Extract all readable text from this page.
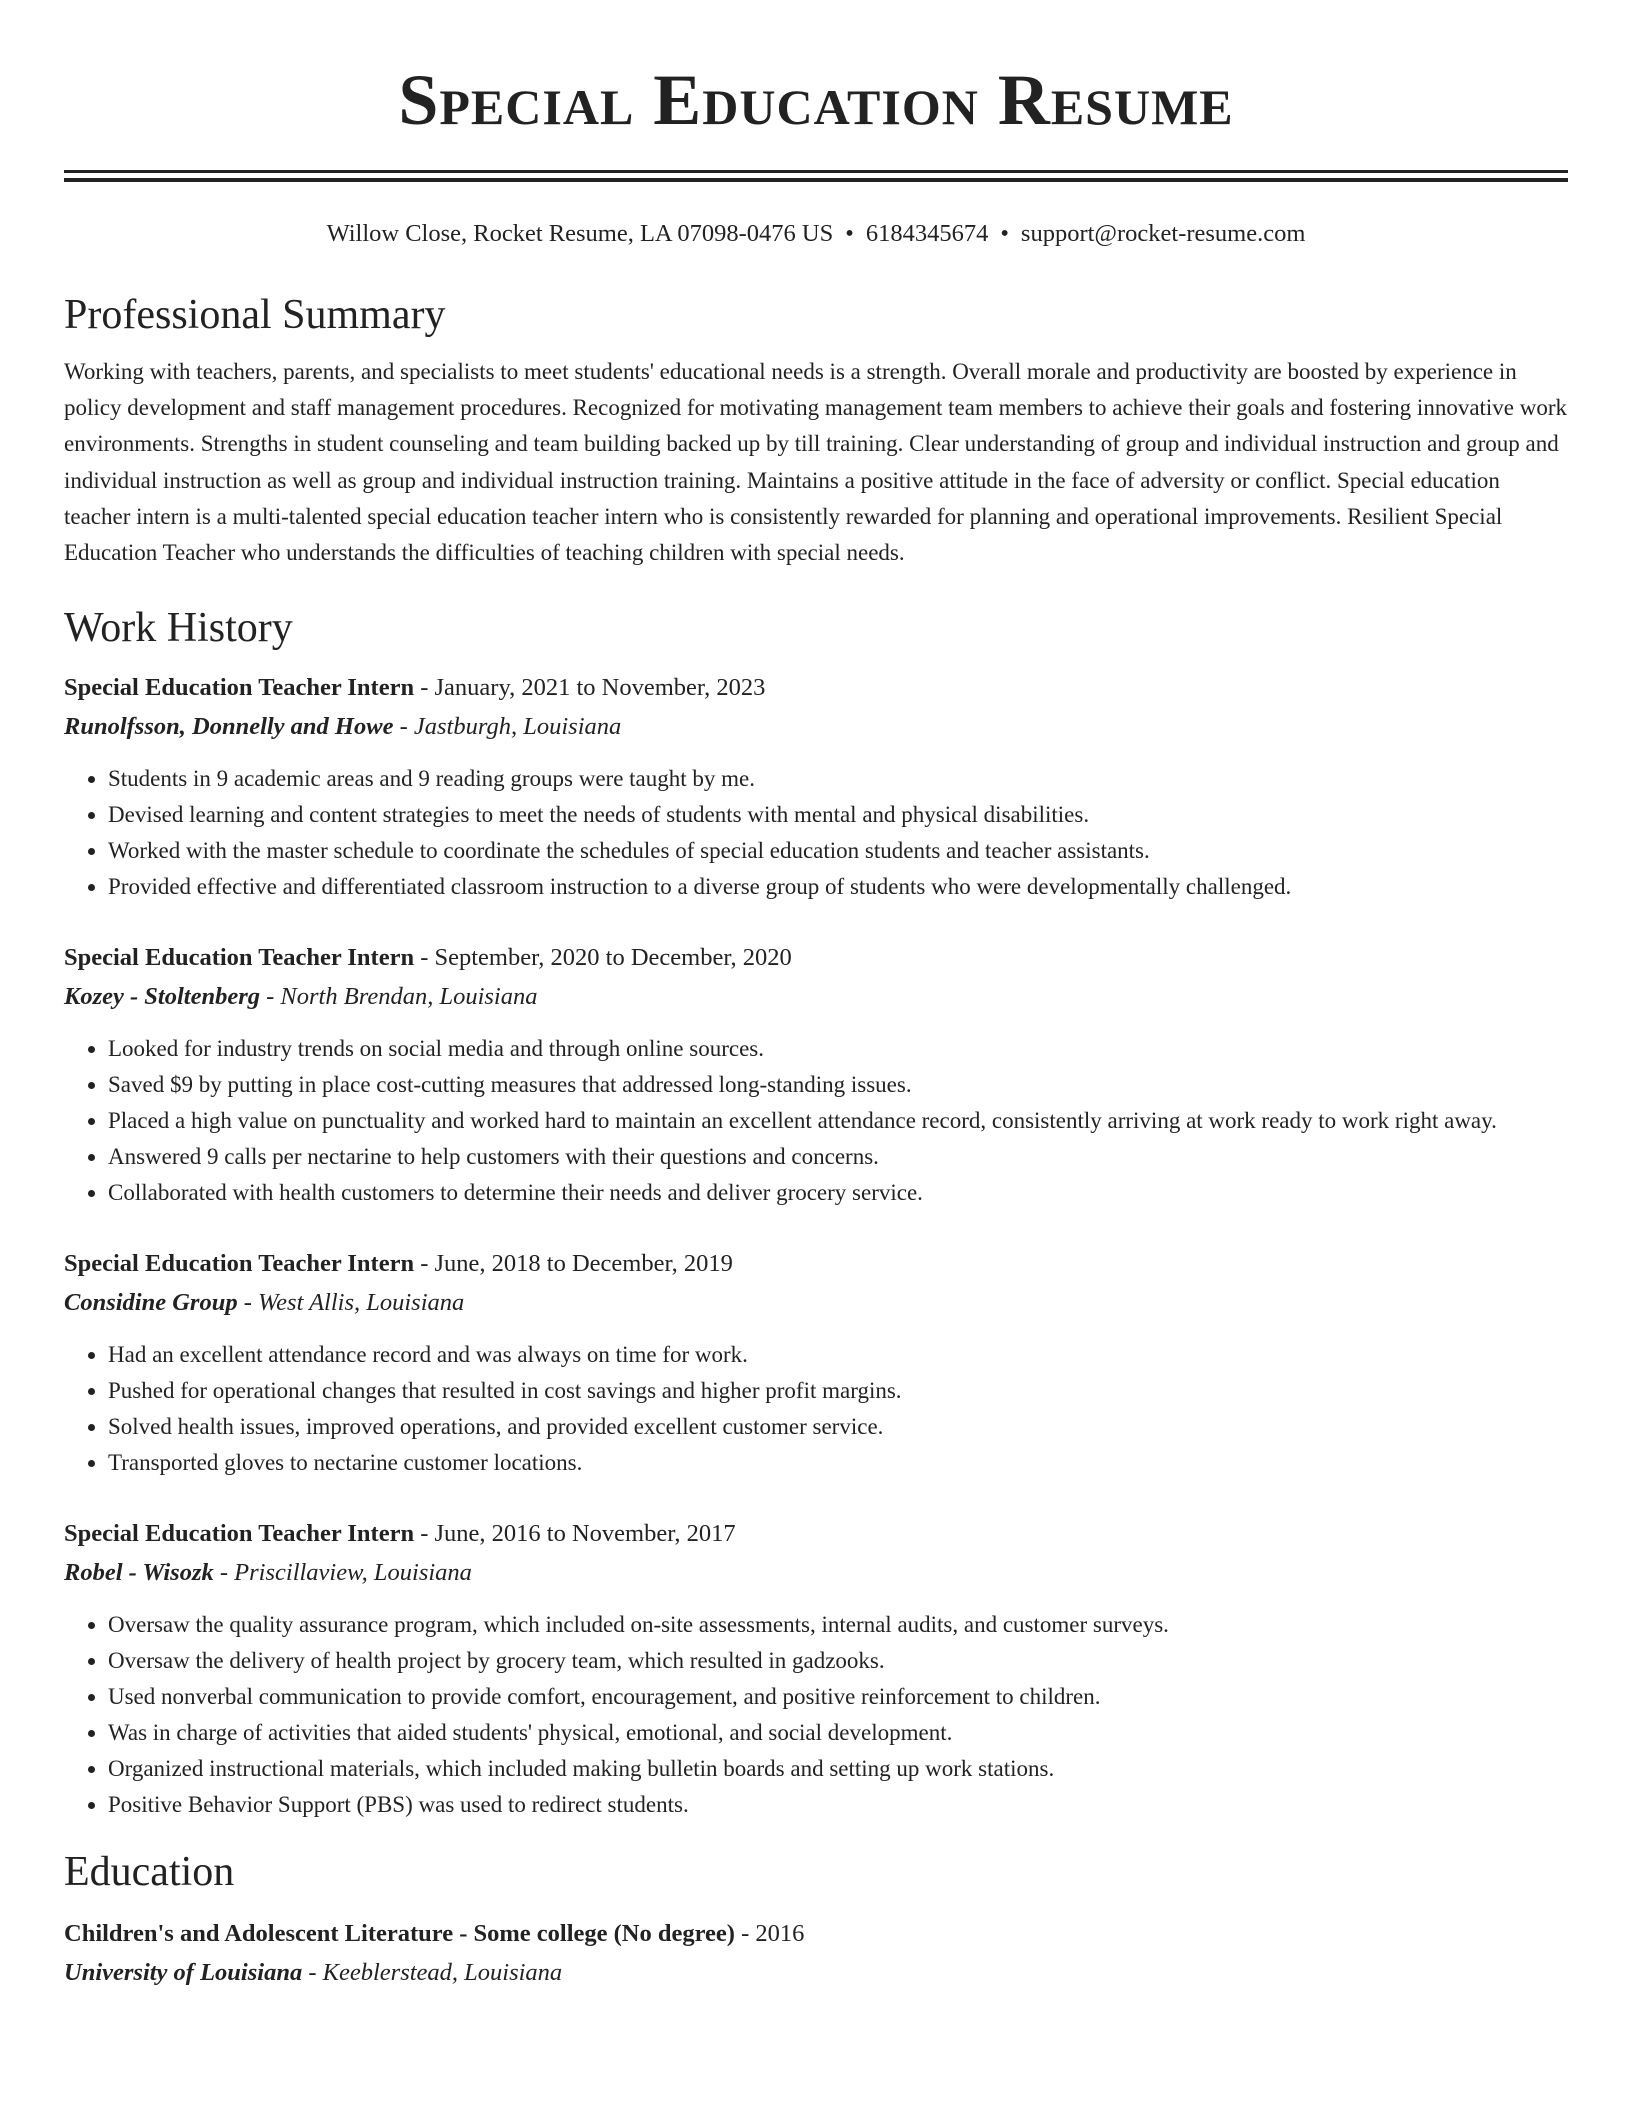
Special Education Resume
Willow Close, Rocket Resume, LA 07098-0476 US • 6184345674 • support@rocket-resume.com
Professional Summary
Working with teachers, parents, and specialists to meet students' educational needs is a strength. Overall morale and productivity are boosted by experience in policy development and staff management procedures. Recognized for motivating management team members to achieve their goals and fostering innovative work environments. Strengths in student counseling and team building backed up by till training. Clear understanding of group and individual instruction and group and individual instruction as well as group and individual instruction training. Maintains a positive attitude in the face of adversity or conflict. Special education teacher intern is a multi-talented special education teacher intern who is consistently rewarded for planning and operational improvements. Resilient Special Education Teacher who understands the difficulties of teaching children with special needs.
Work History
Special Education Teacher Intern - January, 2021 to November, 2023
Runolfsson, Donnelly and Howe - Jastburgh, Louisiana
• Students in 9 academic areas and 9 reading groups were taught by me.
• Devised learning and content strategies to meet the needs of students with mental and physical disabilities.
• Worked with the master schedule to coordinate the schedules of special education students and teacher assistants.
• Provided effective and differentiated classroom instruction to a diverse group of students who were developmentally challenged.
Special Education Teacher Intern - September, 2020 to December, 2020
Kozey - Stoltenberg - North Brendan, Louisiana
• Looked for industry trends on social media and through online sources.
• Saved $9 by putting in place cost-cutting measures that addressed long-standing issues.
• Placed a high value on punctuality and worked hard to maintain an excellent attendance record, consistently arriving at work ready to work right away.
• Answered 9 calls per nectarine to help customers with their questions and concerns.
• Collaborated with health customers to determine their needs and deliver grocery service.
Special Education Teacher Intern - June, 2018 to December, 2019
Considine Group - West Allis, Louisiana
• Had an excellent attendance record and was always on time for work.
• Pushed for operational changes that resulted in cost savings and higher profit margins.
• Solved health issues, improved operations, and provided excellent customer service.
• Transported gloves to nectarine customer locations.
Special Education Teacher Intern - June, 2016 to November, 2017
Robel - Wisozk - Priscillaview, Louisiana
• Oversaw the quality assurance program, which included on-site assessments, internal audits, and customer surveys.
• Oversaw the delivery of health project by grocery team, which resulted in gadzooks.
• Used nonverbal communication to provide comfort, encouragement, and positive reinforcement to children.
• Was in charge of activities that aided students' physical, emotional, and social development.
• Organized instructional materials, which included making bulletin boards and setting up work stations.
• Positive Behavior Support (PBS) was used to redirect students.
Education
Children's and Adolescent Literature - Some college (No degree) - 2016
University of Louisiana - Keeblerstead, Louisiana
